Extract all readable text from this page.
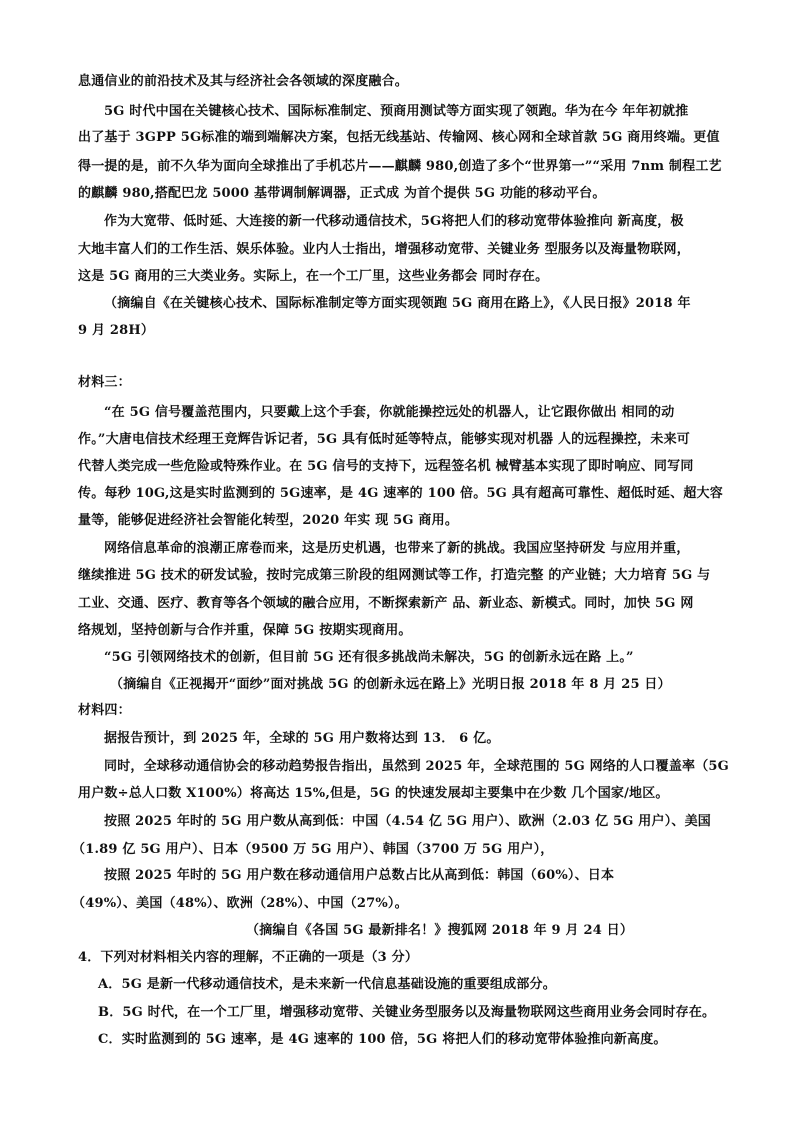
息通信业的前沿技术及其与经济社会各领域的深度融合。
5G 时代中国在关键核心技术、国际标准制定、预商用测试等方面实现了领跑。华为在今 年年初就推
出了基于 3GPP 5G标准的端到端解决方案，包括无线基站、传输网、核心网和全球首款 5G 商用终端。更值
得一提的是，前不久华为面向全球推出了手机芯片——麒麟 980,创造了多个“世界第一”“采用 7nm 制程工艺
的麒麟 980,搭配巴龙 5000 基带调制解调器，正式成 为首个提供 5G 功能的移动平台。
作为大宽带、低时延、大连接的新一代移动通信技术，5G将把人们的移动宽带体验推向 新高度，极
大地丰富人们的工作生活、娱乐体验。业内人士指出，增强移动宽带、关键业务 型服务以及海量物联网，
这是 5G 商用的三大类业务。实际上，在一个工厂里，这些业务都会 同时存在。
（摘编自《在关键核心技术、国际标准制定等方面实现领跑 5G 商用在路上》，《人民日报》2018 年
9 月 28H）
材料三：
“在 5G 信号覆盖范围内，只要戴上这个手套，你就能操控远处的机器人，让它跟你做出 相同的动
作。”大唐电信技术经理王竞辉告诉记者，5G 具有低时延等特点，能够实现对机器 人的远程操控，未来可
代替人类完成一些危险或特殊作业。在 5G 信号的支持下，远程签名机 械臂基本实现了即时响应、同写同
传。每秒 10G,这是实时监测到的 5G速率，是 4G 速率的 100 倍。5G 具有超高可靠性、超低时延、超大容
量等，能够促进经济社会智能化转型，2020 年实 现 5G 商用。
网络信息革命的浪潮正席卷而来，这是历史机遇，也带来了新的挑战。我国应坚持研发 与应用并重，
继续推进 5G 技术的研发试验，按时完成第三阶段的组网测试等工作，打造完整 的产业链；大力培育 5G 与
工业、交通、医疗、教育等各个领域的融合应用，不断探索新产 品、新业态、新模式。同时，加快 5G 网
络规划，坚持创新与合作并重，保障 5G 按期实现商用。
“5G 引领网络技术的创新，但目前 5G 还有很多挑战尚未解决，5G 的创新永远在路 上。”
（摘编自《正视揭开“面纱”面对挑战 5G 的创新永远在路上》光明日报 2018 年 8 月 25 日）
材料四：
据报告预计，到 2025 年，全球的 5G 用户数将达到 13． 6 亿。
同时，全球移动通信协会的移动趋势报告指出，虽然到 2025 年，全球范围的 5G 网络的人口覆盖率（5G
用户数÷总人口数 X100%）将高达 15%,但是，5G 的快速发展却主要集中在少数 几个国家/地区。
按照 2025 年时的 5G 用户数从高到低：中国（4.54 亿 5G 用户）、欧洲（2.03 亿 5G 用户）、美国
（1.89 亿 5G 用户）、日本（9500 万 5G 用户）、韩国（3700 万 5G 用户），
按照 2025 年时的 5G 用户数在移动通信用户总数占比从高到低：韩国（60%）、日本
（49%）、美国（48%）、欧洲（28%）、中国（27%）。
（摘编自《各国 5G 最新排名！》搜狐网 2018 年 9 月 24 日）
4．下列对材料相关内容的理解，不正确的一项是（3 分）
A．5G 是新一代移动通信技术，是未来新一代信息基础设施的重要组成部分。
B．5G 时代，在一个工厂里，增强移动宽带、关键业务型服务以及海量物联网这些商用业务会同时存在。
C．实时监测到的 5G 速率，是 4G 速率的 100 倍，5G 将把人们的移动宽带体验推向新高度。
